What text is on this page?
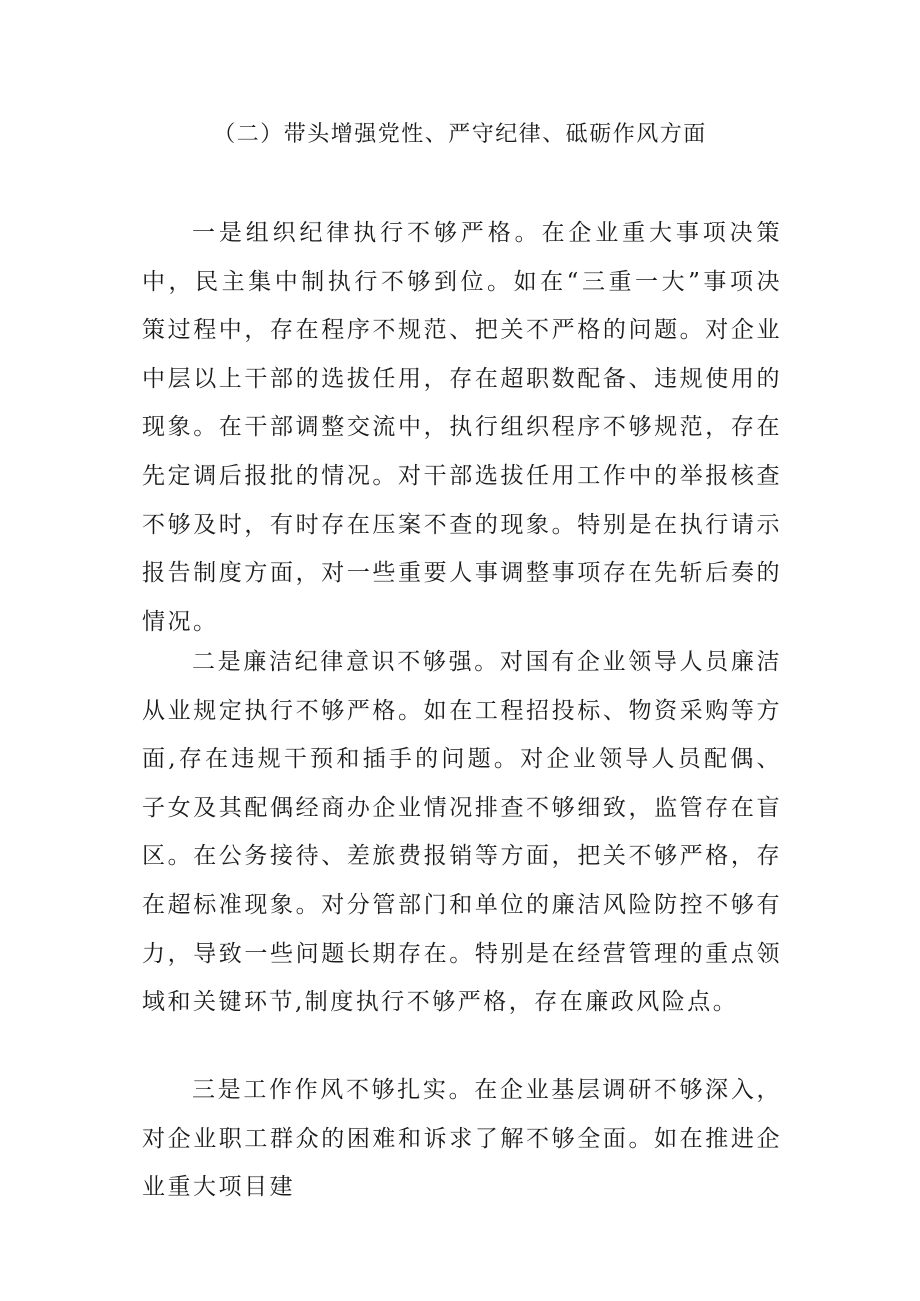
（二）带头增强党性、严守纪律、砥砺作风方面

一是组织纪律执行不够严格。在企业重大事项决策中，民主集中制执行不够到位。如在“三重一大”事项决策过程中，存在程序不规范、把关不严格的问题。对企业中层以上干部的选拔任用，存在超职数配备、违规使用的现象。在干部调整交流中，执行组织程序不够规范，存在先定调后报批的情况。对干部选拔任用工作中的举报核查不够及时，有时存在压案不查的现象。特别是在执行请示报告制度方面，对一些重要人事调整事项存在先斩后奏的情况。

二是廉洁纪律意识不够强。对国有企业领导人员廉洁从业规定执行不够严格。如在工程招投标、物资采购等方面,存在违规干预和插手的问题。对企业领导人员配偶、子女及其配偶经商办企业情况排查不够细致，监管存在盲区。在公务接待、差旅费报销等方面，把关不够严格，存在超标准现象。对分管部门和单位的廉洁风险防控不够有力，导致一些问题长期存在。特别是在经营管理的重点领域和关键环节,制度执行不够严格，存在廉政风险点。

三是工作作风不够扎实。在企业基层调研不够深入，对企业职工群众的困难和诉求了解不够全面。如在推进企业重大项目建
